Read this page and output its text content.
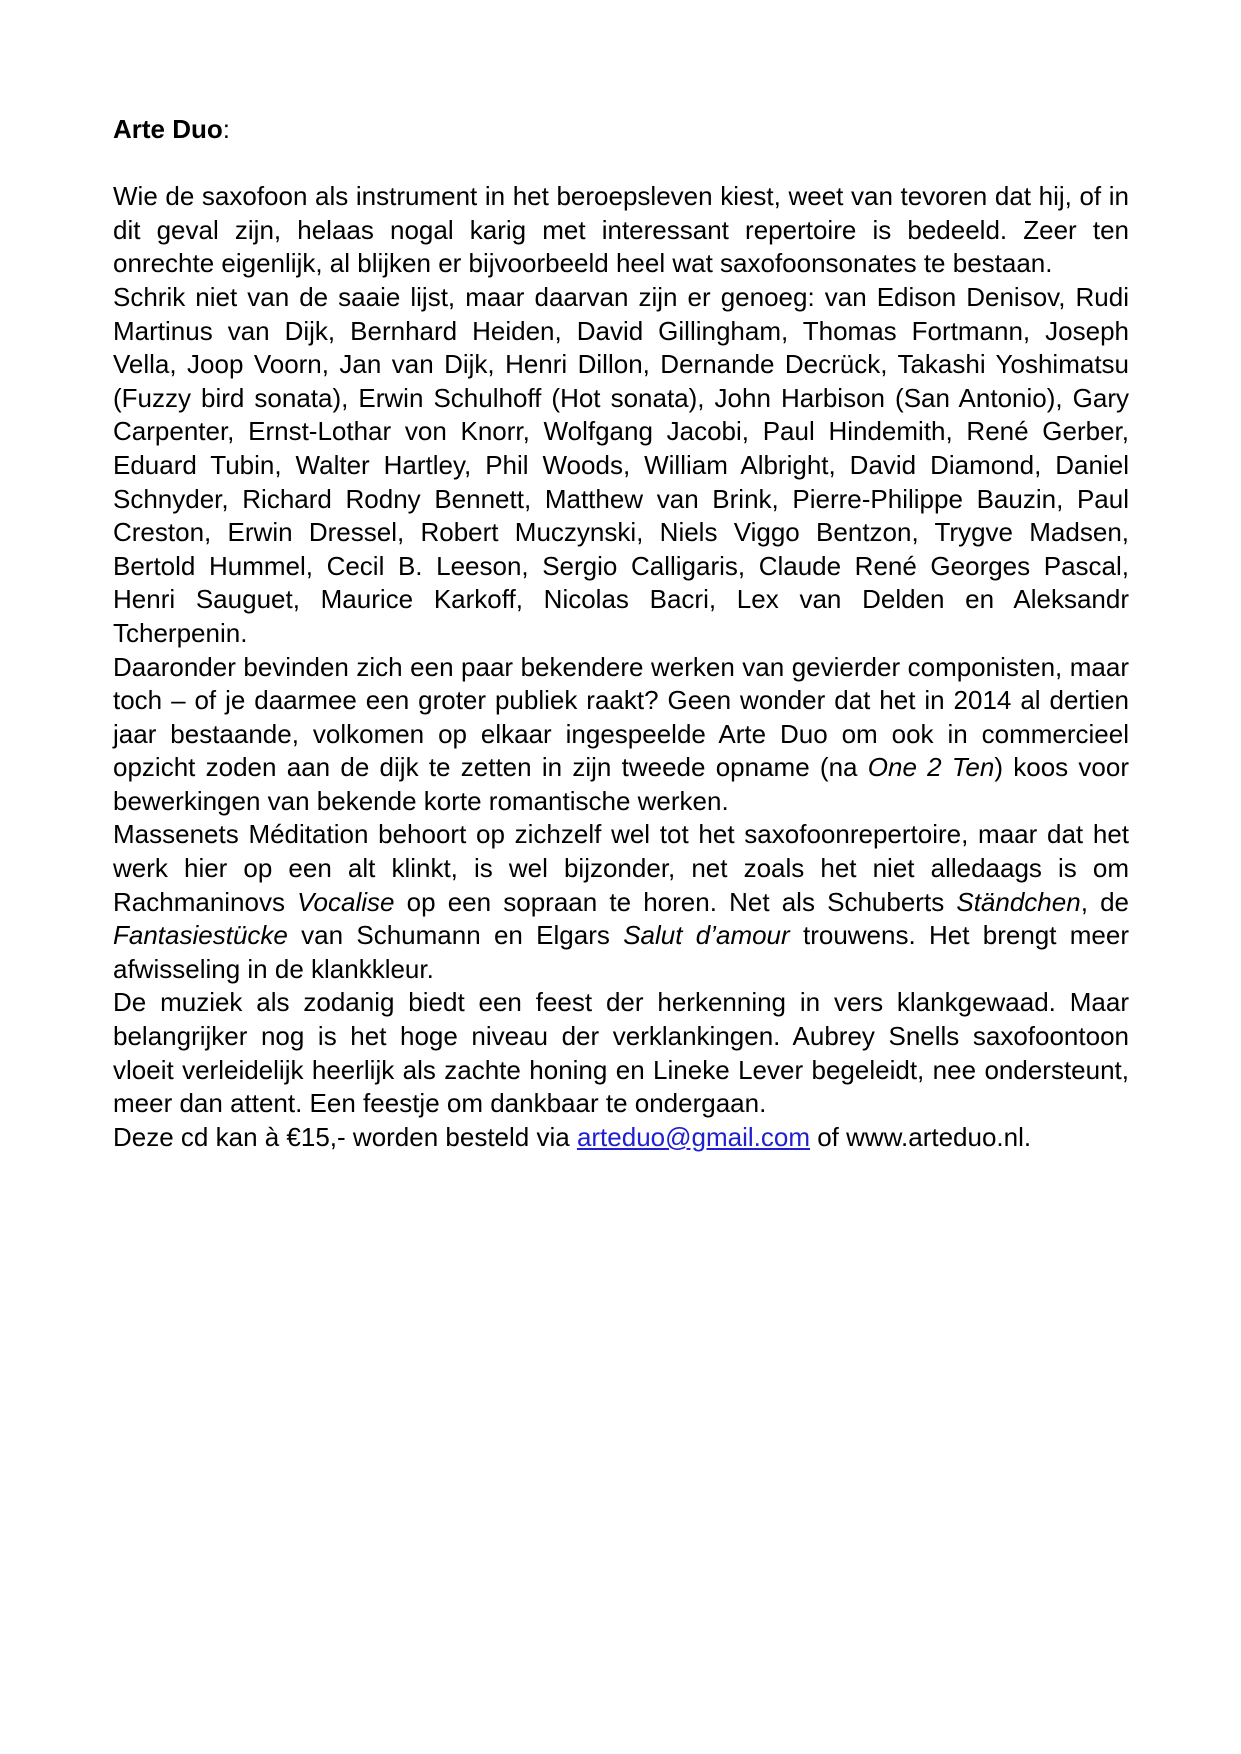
Arte Duo:

Wie de saxofoon als instrument in het beroepsleven kiest, weet van tevoren dat hij, of in dit geval zijn, helaas nogal karig met interessant repertoire is bedeeld. Zeer ten onrechte eigenlijk, al blijken er bijvoorbeeld heel wat saxofoonsonates te bestaan.

Schrik niet van de saaie lijst, maar daarvan zijn er genoeg: van Edison Denisov, Rudi Martinus van Dijk, Bernhard Heiden, David Gillingham, Thomas Fortmann, Joseph Vella, Joop Voorn, Jan van Dijk, Henri Dillon, Dernande Decrück, Takashi Yoshimatsu (Fuzzy bird sonata), Erwin Schulhoff (Hot sonata), John Harbison (San Antonio), Gary Carpenter, Ernst-Lothar von Knorr, Wolfgang Jacobi, Paul Hindemith, René Gerber, Eduard Tubin, Walter Hartley, Phil Woods, William Albright, David Diamond, Daniel Schnyder, Richard Rodny Bennett, Matthew van Brink, Pierre-Philippe Bauzin, Paul Creston, Erwin Dressel, Robert Muczynski, Niels Viggo Bentzon, Trygve Madsen, Bertold Hummel, Cecil B. Leeson, Sergio Calligaris, Claude René Georges Pascal, Henri Sauguet, Maurice Karkoff, Nicolas Bacri, Lex van Delden en Aleksandr Tcherpenin.

Daaronder bevinden zich een paar bekendere werken van gevierder componisten, maar toch – of je daarmee een groter publiek raakt? Geen wonder dat het in 2014 al dertien jaar bestaande, volkomen op elkaar ingespeelde Arte Duo om ook in commercieel opzicht zoden aan de dijk te zetten in zijn tweede opname (na One 2 Ten) koos voor bewerkingen van bekende korte romantische werken.

Massenets Méditation behoort op zichzelf wel tot het saxofoonrepertoire, maar dat het werk hier op een alt klinkt, is wel bijzonder, net zoals het niet alledaags is om Rachmaninovs Vocalise op een sopraan te horen. Net als Schuberts Ständchen, de Fantasiestücke van Schumann en Elgars Salut d’amour trouwens. Het brengt meer afwisseling in de klankkleur.

De muziek als zodanig biedt een feest der herkenning in vers klankgewaad. Maar belangrijker nog is het hoge niveau der verklankingen. Aubrey Snells saxofoontoon vloeit verleidelijk heerlijk als zachte honing en Lineke Lever begeleidt, nee ondersteunt, meer dan attent. Een feestje om dankbaar te ondergaan.

Deze cd kan à €15,- worden besteld via arteduo@gmail.com of www.arteduo.nl.
